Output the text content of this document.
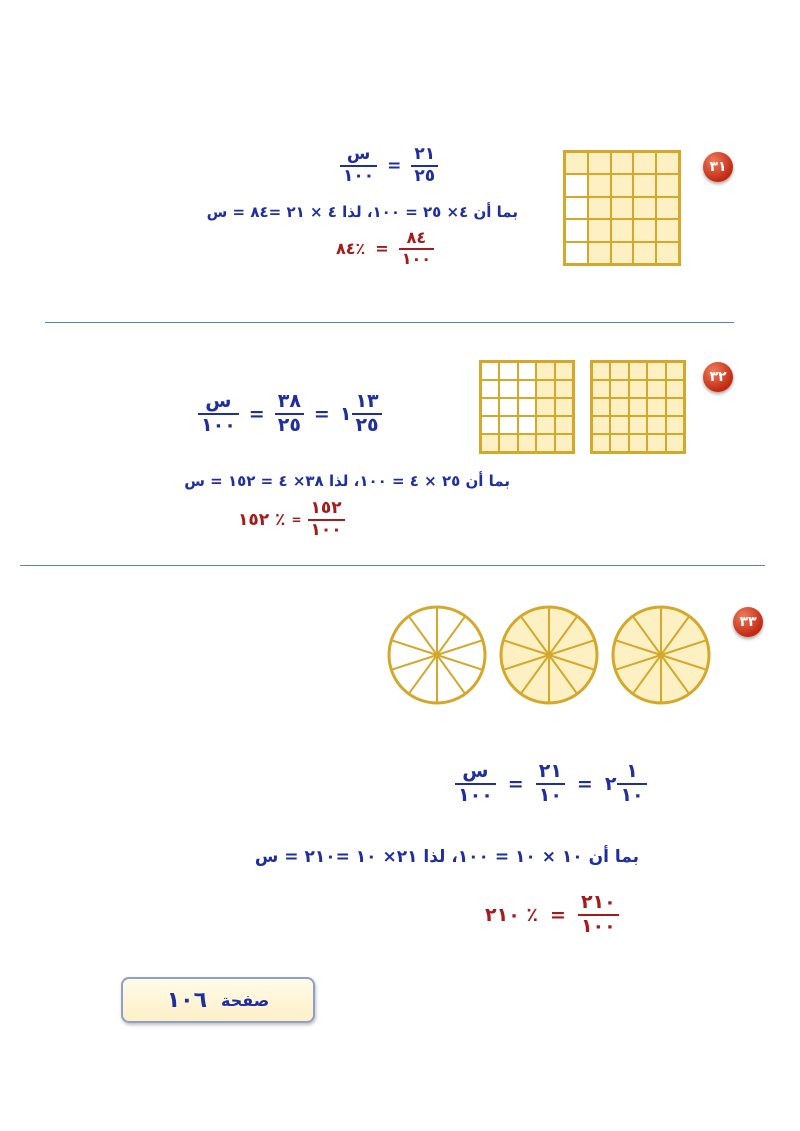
٣١
$\frac{\text{س}}{١٠٠} = \frac{٢١}{٢٥}$
بما أن ٤× ٢٥ = ١٠٠، لذا ٤ × ٢١ =٨٤ = س
٪٨٤ = $\frac{٨٤}{١٠٠}$
٣٢
$\frac{\text{س}}{١٠٠} = \frac{٣٨}{٢٥}$ = ١ $\frac{١٣}{٢٥}$
بما أن ٢٥ × ٤ = ١٠٠، لذا ٣٨× ٤ = ١٥٢ = س
٪ ١٥٢ = $\frac{١٥٢}{١٠٠}$
٣٣
$\frac{\text{س}}{١٠٠} = \frac{٢١}{١٠}$ = ٢ $\frac{١}{١٠}$
بما أن ١٠ × ١٠ = ١٠٠، لذا ٢١× ١٠ =٢١٠ = س
٪ ٢١٠ = $\frac{٢١٠}{١٠٠}$
صفحة
١٠٦
